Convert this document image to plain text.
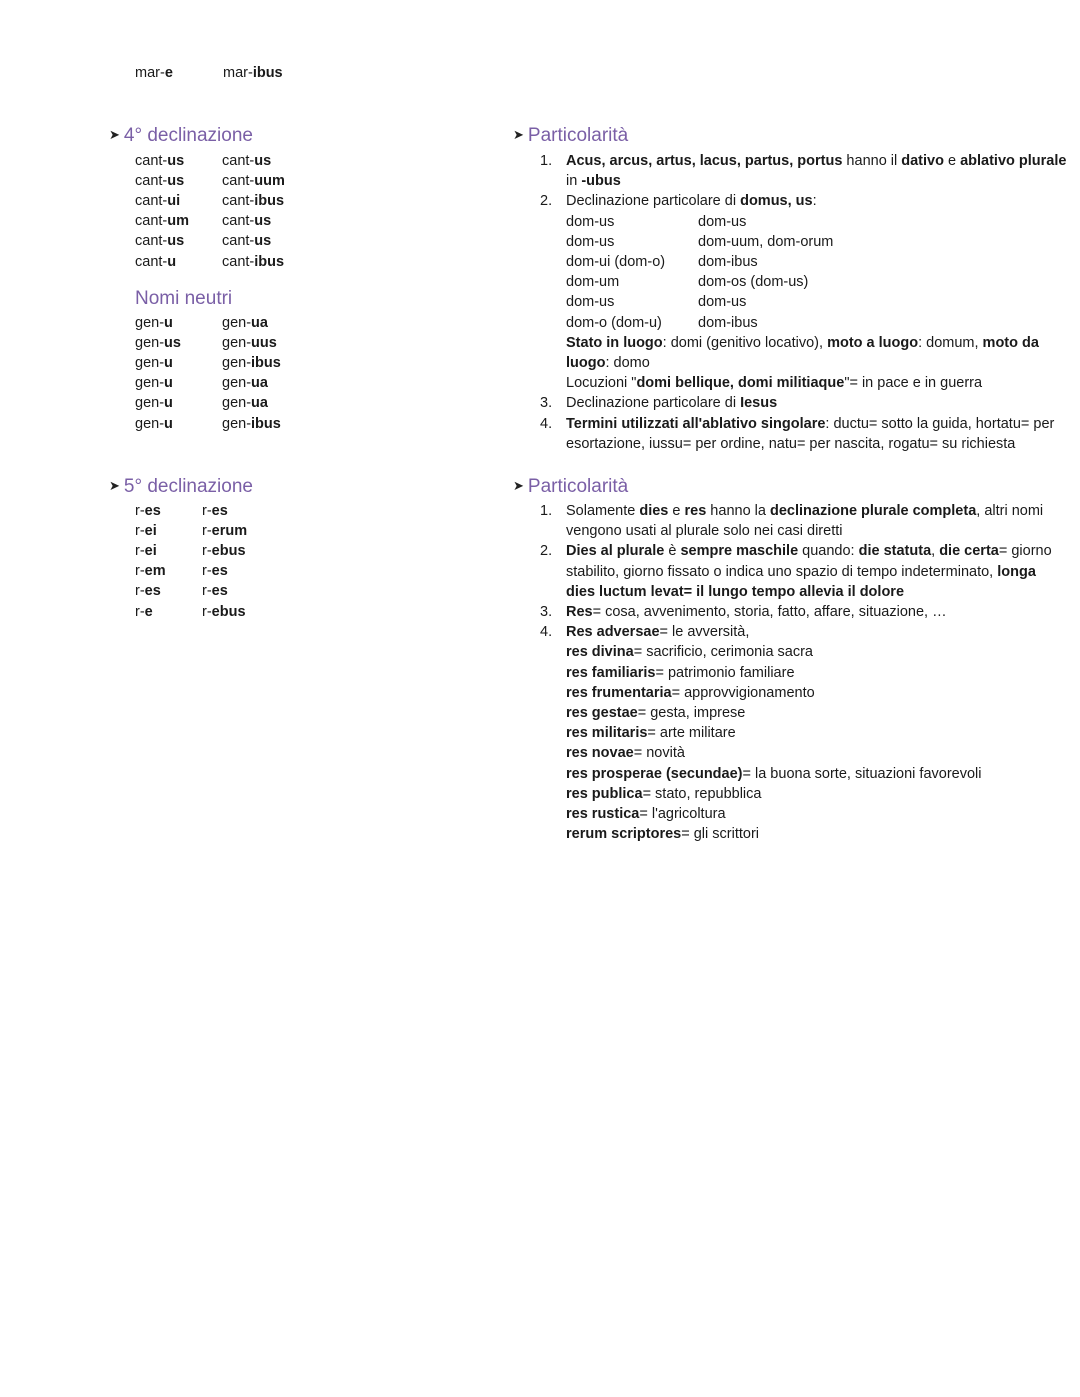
mar-e	mar-ibus
➤ 4° declinazione
cant-us	cant-us
cant-us	cant-uum
cant-ui	cant-ibus
cant-um cant-us
cant-us	cant-us
cant-u	cant-ibus
Nomi neutri
gen-u	gen-ua
gen-us	gen-uus
gen-u	gen-ibus
gen-u	gen-ua
gen-u	gen-ua
gen-u	gen-ibus
➤ 5° declinazione
r-es	r-es
r-ei	r-erum
r-ei	r-ebus
r-em	r-es
r-es	r-es
r-e	r-ebus
➤ Particolarità
1. Acus, arcus, artus, lacus, partus, portus hanno il dativo e ablativo plurale
in -ubus
2. Declinazione particolare di domus, us:
dom-us	dom-us
dom-us	dom-uum, dom-orum
dom-ui (dom-o) dom-ibus
dom-um	dom-os (dom-us)
dom-us	dom-us
dom-o (dom-u) dom-ibus
Stato in luogo: domi (genitivo locativo), moto a luogo: domum, moto da
luogo: domo
Locuzioni "domi bellique, domi militiaque"= in pace e in guerra
3. Declinazione particolare di Iesus
4. Termini utilizzati all'ablativo singolare: ductu= sotto la guida, hortatu= per
esortazione, iussu= per ordine, natu= per nascita, rogatu= su richiesta
➤ Particolarità
1. Solamente dies e res hanno la declinazione plurale completa, altri nomi
vengono usati al plurale solo nei casi diretti
2. Dies al plurale è sempre maschile quando: die statuta, die certa= giorno
stabilito, giorno fissato o indica uno spazio di tempo indeterminato, longa
dies luctum levat= il lungo tempo allevia il dolore
3. Res= cosa, avvenimento, storia, fatto, affare, situazione, …
4. Res adversae= le avversità,
res divina= sacrificio, cerimonia sacra
res familiaris= patrimonio familiare
res frumentaria= approvvigionamento
res gestae= gesta, imprese
res militaris= arte militare
res novae= novità
res prosperae (secundae)= la buona sorte, situazioni favorevoli
res publica= stato, repubblica
res rustica= l'agricoltura
rerum scriptores= gli scrittori
